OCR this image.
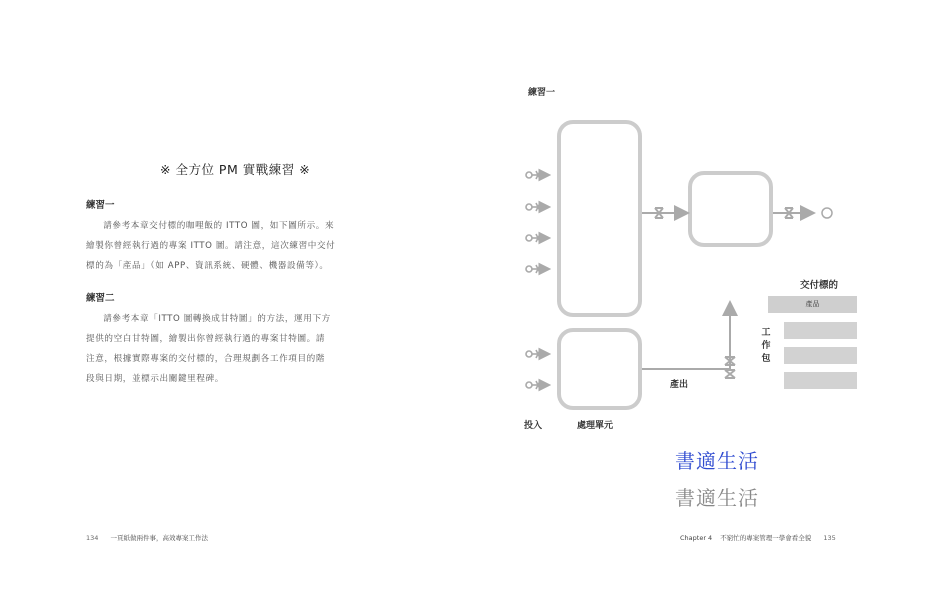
※ 全方位 PM 實戰練習 ※
練習一
請參考本章交付標的咖哩飯的 ITTO 圖，如下圖所示。來
繪製你曾經執行過的專案 ITTO 圖。請注意，這次練習中交付
標的為「產品」（如 APP、資訊系統、硬體、機器設備等）。
練習二
請參考本章「ITTO 圖轉換成甘特圖」的方法，運用下方
提供的空白甘特圖，繪製出你曾經執行過的專案甘特圖。請
注意，根據實際專案的交付標的，合理規劃各工作項目的階
段與日期，並標示出關鍵里程碑。
134 一頁紙做兩件事，高效專案工作法
練習一
投入	處理單元
產出
交付標的
產品
工
作
包
書適生活
書適生活
Chapter 4 不窮忙的專案管理一學會看全貌 135
